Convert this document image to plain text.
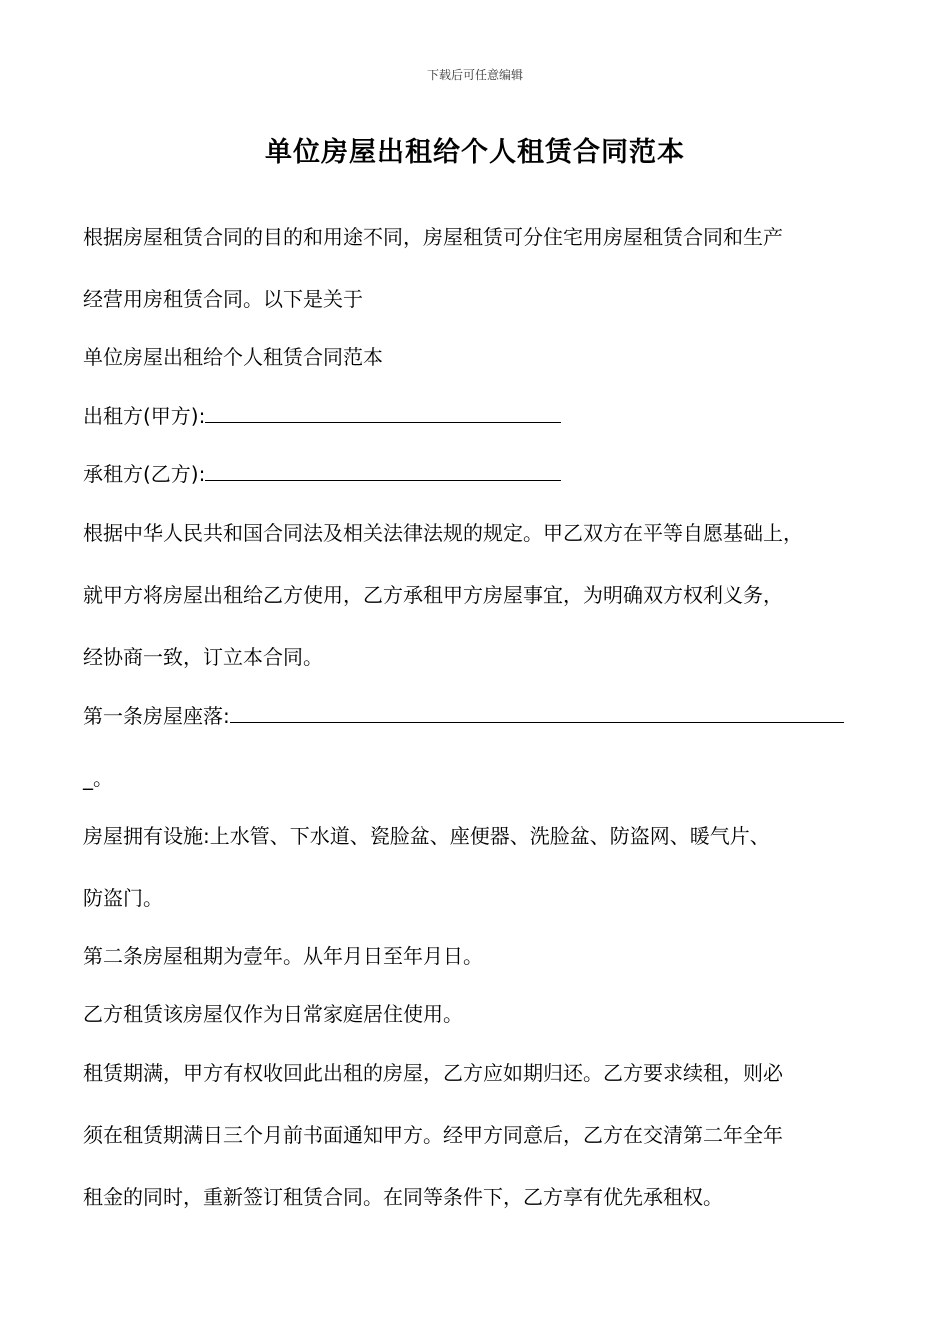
下载后可任意编辑
单位房屋出租给个人租赁合同范本
根据房屋租赁合同的目的和用途不同，房屋租赁可分住宅用房屋租赁合同和生产
经营用房租赁合同。以下是关于
单位房屋出租给个人租赁合同范本
出租方(甲方):
承租方(乙方):
根据中华人民共和国合同法及相关法律法规的规定。甲乙双方在平等自愿基础上，
就甲方将房屋出租给乙方使用，乙方承租甲方房屋事宜，为明确双方权利义务，
经协商一致，订立本合同。
第一条房屋座落:
_。
房屋拥有设施:上水管、下水道、瓷脸盆、座便器、洗脸盆、防盗网、暖气片、
防盗门。
第二条房屋租期为壹年。从年月日至年月日。
乙方租赁该房屋仅作为日常家庭居住使用。
租赁期满，甲方有权收回此出租的房屋，乙方应如期归还。乙方要求续租，则必
须在租赁期满日三个月前书面通知甲方。经甲方同意后，乙方在交清第二年全年
租金的同时，重新签订租赁合同。在同等条件下，乙方享有优先承租权。
